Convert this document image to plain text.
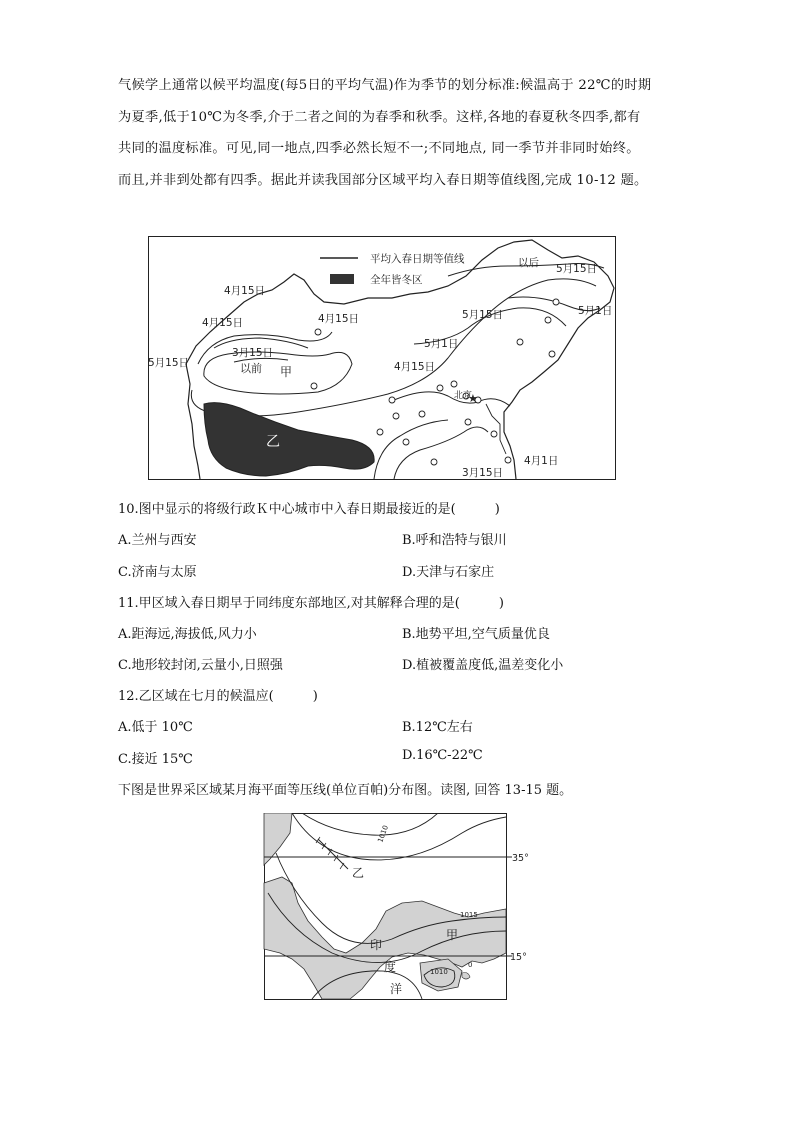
气候学上通常以候平均温度(每5日的平均气温)作为季节的划分标准:候温高于 22℃的时期
为夏季,低于10℃为冬季,介于二者之间的为春季和秋季。这样,各地的春夏秋冬四季,都有
共同的温度标准。可见,同一地点,四季必然长短不一;不同地点, 同一季节并非同时始终。
而且,并非到处都有四季。据此并读我国部分区域平均入春日期等值线图,完成 10-12 题。
平均入春日期等值线
全年皆冬区
★
4月15日
4月15日	4月15日
4月15日
3月15日
以前
5月15日
甲
乙
5月15日
5月1日
以后 5月15日
5月1日
北京
3月15日
4月1日
10.图中显示的将级行政Ｋ中心城市中入春日期最接近的是(　　　)
A.兰州与西安	B.呼和浩特与银川
C.济南与太原	D.天津与石家庄
11.甲区域入春日期早于同纬度东部地区,对其解释合理的是(　　　)
A.距海远,海拔低,风力小	B.地势平坦,空气质量优良
C.地形较封闭,云量小,日照强	D.植被覆盖度低,温差变化小
12.乙区域在七月的候温应(　　　)
A.低于 10℃	B.12℃左右
C.接近 15℃	D.16℃-22℃
下图是世界采区域某月海平面等压线(单位百帕)分布图。读图, 回答 13-15 题。
35°
15°
1010
1015
1010
0
乙
甲
印
度
洋
